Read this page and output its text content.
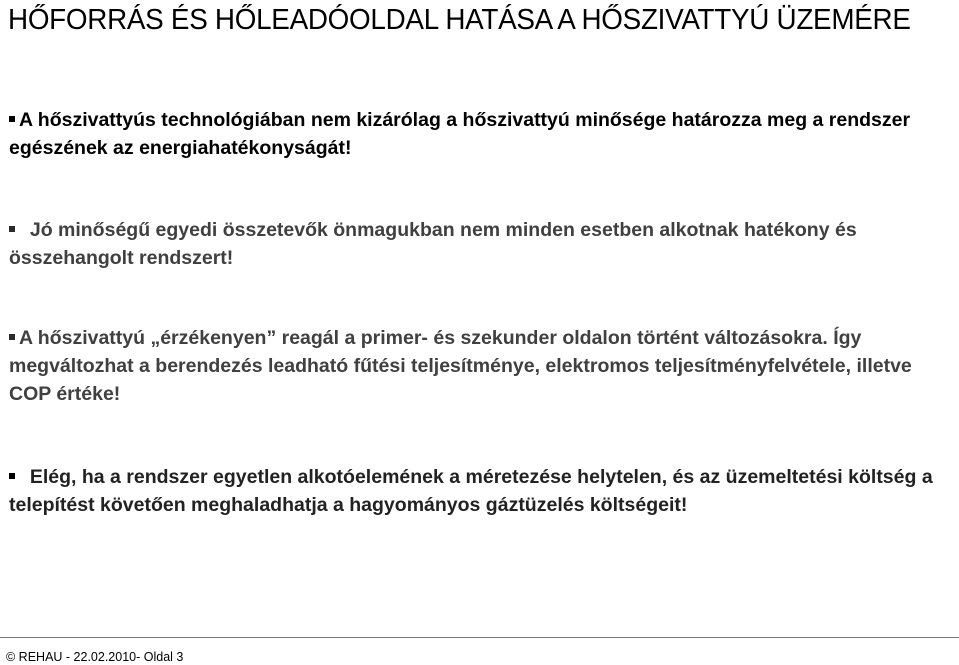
HŐFORRÁS ÉS HŐLEADÓOLDAL HATÁSA A HŐSZIVATTYÚ ÜZEMÉRE
A hőszivattyús technológiában nem kizárólag a hőszivattyú minősége határozza meg a rendszer egészének az energiahatékonyságát!
Jó minőségű egyedi összetevők önmagukban nem minden esetben alkotnak hatékony és összehangolt rendszert!
A hőszivattyú „érzékenyen” reagál a primer- és szekunder oldalon történt változásokra. Így megváltozhat a berendezés leadható fűtési teljesítménye, elektromos teljesítményfelvétele, illetve COP értéke!
Elég, ha a rendszer egyetlen alkotóelemének a méretezése helytelen, és az üzemeltetési költség a telepítést követően meghaladhatja a hagyományos gáztüzelés költségeit!
© REHAU - 22.02.2010- Oldal 3
